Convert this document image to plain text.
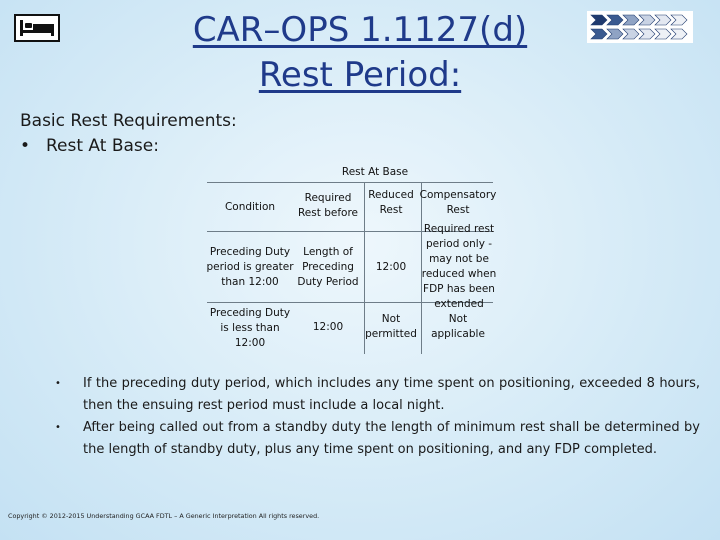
CAR–OPS 1.1127(d)
Rest Period:
Basic Rest Requirements:
• Rest At Base:
Rest At Base
Condition
Required Rest before
Reduced Rest
Compensatory Rest
Preceding Duty period is greater than 12:00
Length of Preceding Duty Period
12:00
Required rest period only - may not be reduced when FDP has been extended
Preceding Duty is less than 12:00
12:00
Not permitted
Not applicable
• If the preceding duty period, which includes any time spent on positioning, exceeded 8 hours, then the ensuing rest period must include a local night.
• After being called out from a standby duty the length of minimum rest shall be determined by the length of standby duty, plus any time spent on positioning, and any FDP completed.
Copyright © 2012-2015 Understanding GCAA FDTL – A Generic Interpretation All rights reserved.
